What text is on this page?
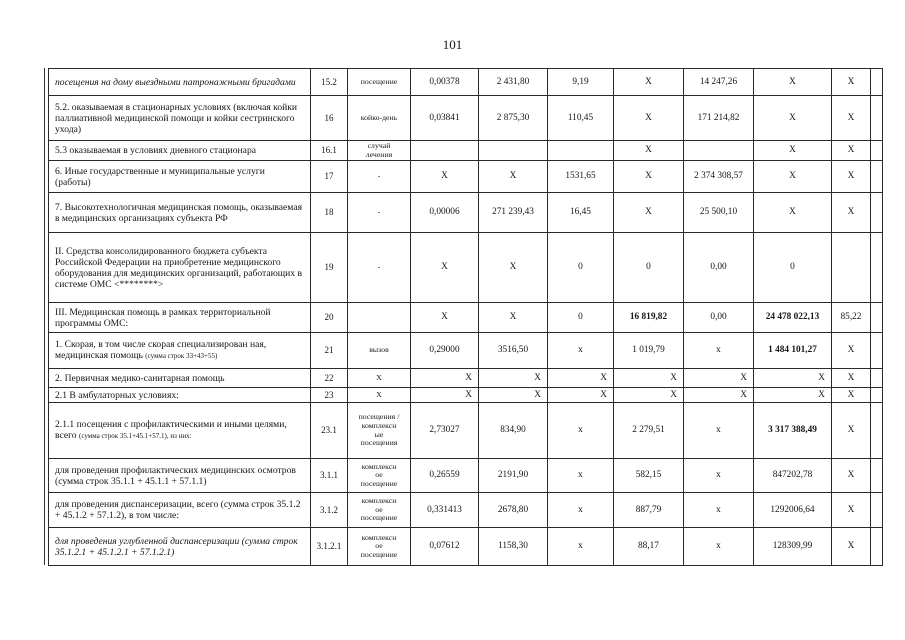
101
посещения на дому выездными патронажными бригадами	15.2	посещение	0,00378	2 431,80	9,19	Х	14 247,26	Х	Х	
5.2. оказываемая в стационарных условиях (включая койки паллиативной медицинской помощи и койки сестринского ухода)	16	койко-день	0,03841	2 875,30	110,45	Х	171 214,82	Х	Х	
5.3 оказываемая в условиях дневного стационара	16.1	случай лечения				Х		Х	Х	
6. Иные государственные и муниципальные услуги (работы)	17	-	Х	Х	1531,65	Х	2 374 308,57	Х	Х	
7. Высокотехнологичная медицинская помощь, оказываемая в медицинских организациях субъекта РФ	18	-	0,00006	271 239,43	16,45	Х	25 500,10	Х	Х	
II. Средства консолидированного бюджета субъекта Российской Федерации на приобретение медицинского оборудования для медицинских организаций, работающих в системе ОМС <********>	19	-	Х	Х	0	0	0,00	0		
III. Медицинская помощь в рамках территориальной программы ОМС:	20		Х	Х	0	16 819,82	0,00	24 478 022,13	85,22	
1. Скорая, в том числе скорая специализирован ная, медицинская помощь (сумма строк 33+43+55)	21	вызов	0,29000	3516,50	х	1 019,79	х	1 484 101,27	Х	
2. Первичная медико-санитарная помощь	22	Х	Х	Х	Х	Х	Х	Х	Х	
2.1 В амбулаторных условиях:	23	Х	Х	Х	Х	Х	Х	Х	Х	
2.1.1 посещения с профилактическими и иными целями, всего (сумма строк 35.1+45.1+57.1), из них:	23.1	посещения / комплексн ые посещения	2,73027	834,90	х	2 279,51	х	3 317 388,49	Х	
для проведения профилактических медицинских осмотров (сумма строк 35.1.1 + 45.1.1 + 57.1.1)	3.1.1	комплексн ое посещение	0,26559	2191,90	х	582,15	х	847202,78	Х	
для проведения диспансеризации, всего (сумма строк 35.1.2 + 45.1.2 + 57.1.2), в том числе:	3.1.2	комплексн ое посещение	0,331413	2678,80	х	887,79	х	1292006,64	Х	
для проведения углубленной диспансеризации (сумма строк 35.1.2.1 + 45.1.2.1 + 57.1.2.1)	3.1.2.1	комплексн ое посещение	0,07612	1158,30	х	88,17	х	128309,99	Х	
